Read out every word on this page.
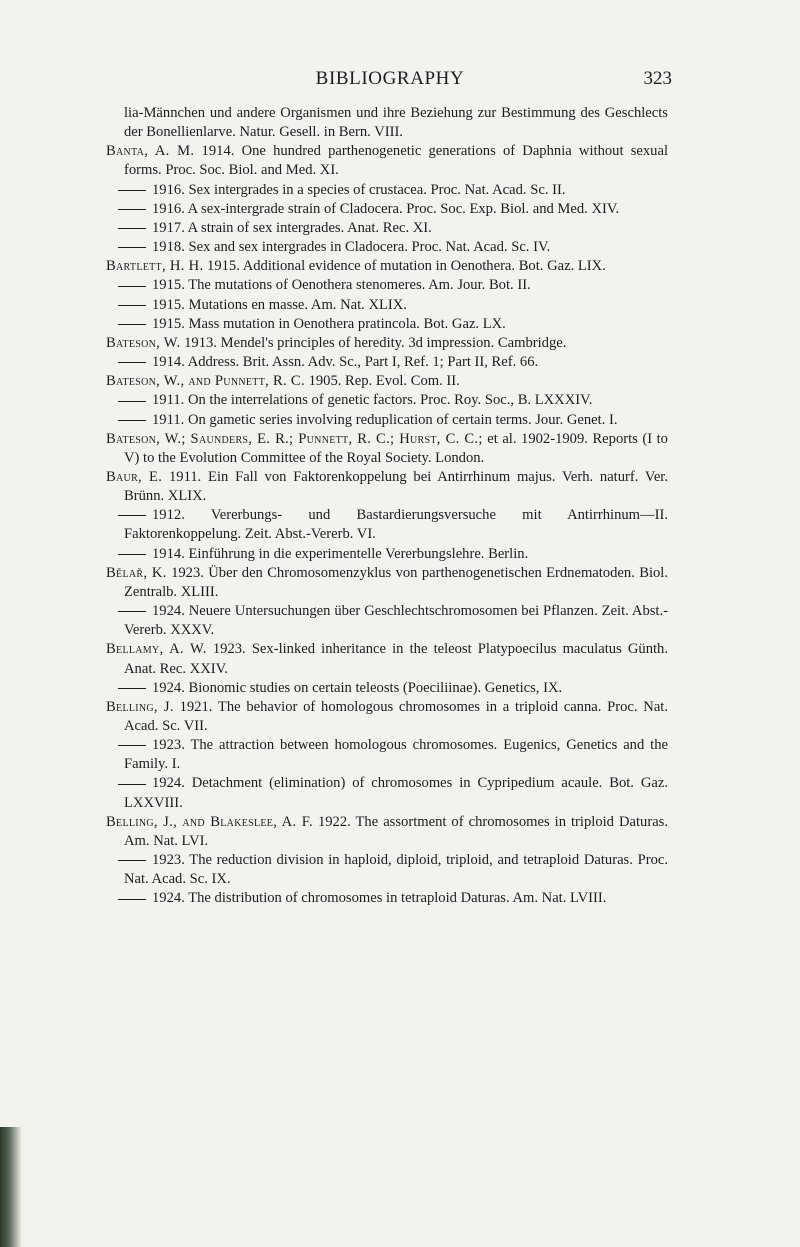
BIBLIOGRAPHY	323
lia-Männchen und andere Organismen und ihre Beziehung zur Bestimmung des Geschlects der Bonellienlarve. Natur. Gesell. in Bern. VIII.
Banta, A. M. 1914. One hundred parthenogenetic generations of Daphnia without sexual forms. Proc. Soc. Biol. and Med. XI.
1916. Sex intergrades in a species of crustacea. Proc. Nat. Acad. Sc. II.
1916. A sex-intergrade strain of Cladocera. Proc. Soc. Exp. Biol. and Med. XIV.
1917. A strain of sex intergrades. Anat. Rec. XI.
1918. Sex and sex intergrades in Cladocera. Proc. Nat. Acad. Sc. IV.
Bartlett, H. H. 1915. Additional evidence of mutation in Oenothera. Bot. Gaz. LIX.
1915. The mutations of Oenothera stenomeres. Am. Jour. Bot. II.
1915. Mutations en masse. Am. Nat. XLIX.
1915. Mass mutation in Oenothera pratincola. Bot. Gaz. LX.
Bateson, W. 1913. Mendel's principles of heredity. 3d impression. Cambridge.
1914. Address. Brit. Assn. Adv. Sc., Part I, Ref. 1; Part II, Ref. 66.
Bateson, W., and Punnett, R. C. 1905. Rep. Evol. Com. II.
1911. On the interrelations of genetic factors. Proc. Roy. Soc., B. LXXXIV.
1911. On gametic series involving reduplication of certain terms. Jour. Genet. I.
Bateson, W.; Saunders, E. R.; Punnett, R. C.; Hurst, C. C.; et al. 1902-1909. Reports (I to V) to the Evolution Committee of the Royal Society. London.
Baur, E. 1911. Ein Fall von Faktorenkoppelung bei Antirrhinum majus. Verh. naturf. Ver. Brünn. XLIX.
1912. Vererbungs- und Bastardierungsversuche mit Antirrhinum—II. Faktorenkoppelung. Zeit. Abst.-Vererb. VI.
1914. Einführung in die experimentelle Vererbungslehre. Berlin.
Bělař, K. 1923. Über den Chromosomenzyklus von parthenogenetischen Erdnematoden. Biol. Zentralb. XLIII.
1924. Neuere Untersuchungen über Geschlechtschromosomen bei Pflanzen. Zeit. Abst.-Vererb. XXXV.
Bellamy, A. W. 1923. Sex-linked inheritance in the teleost Platypoecilus maculatus Günth. Anat. Rec. XXIV.
1924. Bionomic studies on certain teleosts (Poeciliinae). Genetics, IX.
Belling, J. 1921. The behavior of homologous chromosomes in a triploid canna. Proc. Nat. Acad. Sc. VII.
1923. The attraction between homologous chromosomes. Eugenics, Genetics and the Family. I.
1924. Detachment (elimination) of chromosomes in Cypripedium acaule. Bot. Gaz. LXXVIII.
Belling, J., and Blakeslee, A. F. 1922. The assortment of chromosomes in triploid Daturas. Am. Nat. LVI.
1923. The reduction division in haploid, diploid, triploid, and tetraploid Daturas. Proc. Nat. Acad. Sc. IX.
1924. The distribution of chromosomes in tetraploid Daturas. Am. Nat. LVIII.
